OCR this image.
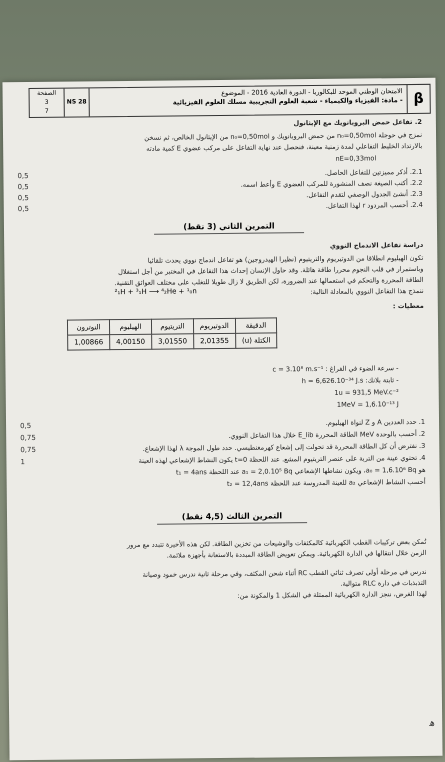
الصفحة
3
7
NS 28
الامتحان الوطني الموحد للبكالوريا - الدورة العادية 2016 - الموضوع
- مادة: الفيزياء والكيمياء - شعبة العلوم التجريبية مسلك العلوم الفيزيائية β
2. تفاعل حمض البروبانويك مع الإيثانول
نمزج في حوجلة n₀=0,50mol من حمض البروبانويك و n₀=0,50mol من الإيثانول الخالص، ثم نسخن
بالارتداد الخليط التفاعلي لمدة زمنية معينة، فنحصل عند نهاية التفاعل على مركب عضوي E كمية مادته
nE=0,33mol
0,5	2.1. أذكر مميزتين للتفاعل الحاصل.
0,5	2.2. أكتب الصيغة نصف المنشورة للمركب العضوي E وأعط اسمه.
0,5	2.3. أنشئ الجدول الوصفي لتقدم التفاعل.
0,5	2.4. أحسب المردود r لهذا التفاعل.
التمرين الثاني (3 نقط)
دراسة تفاعل الاندماج النووي
تكون الهيليوم انطلاقا من الدوتيريوم والتريتيوم (نظيرا الهيدروجين) هو تفاعل اندماج نووي يحدث تلقائيا
وباستمرار في قلب النجوم محررا طاقة هائلة. وقد حاول الإنسان إحداث هذا التفاعل في المختبر من أجل استغلال
الطاقة المحررة والتحكم في استعمالها عند الضرورة، لكن الطريق لا زال طويلا للتغلب على مختلف العوائق التقنية.
ننمذج هذا التفاعل النووي بالمعادلة التالية:
²₁H + ³₁H ⟶ ⁴₂He + ¹₀n
معطيات :
الدقيقة	الدوتيريوم	التريتيوم	الهيليوم	النوترون
الكتلة (u)	2,01355	3,01550	4,00150	1,00866
- سرعة الضوء في الفراغ : c = 3.10⁸ m.s⁻¹
- ثابتة بلانك: h = 6,626.10⁻³⁴ J.s
1u = 931,5 MeV.c⁻²
1MeV = 1,6.10⁻¹³ J
0,5	1. حدد العددين A و Z لنواة الهيليوم.
0,75	2. أحسب بالوحدة MeV الطاقة المحررة E_lib خلال هذا التفاعل النووي.
0,75	3. نفترض أن كل الطاقة المحررة قد تحولت إلى إشعاع كهرمغنطيسي. حدد طول الموجة λ لهذا الإشعاع.
1	4. تحتوي عينة من التربة على عنصر التريتيوم المشع. عند اللحظة t=0 يكون النشاط الإشعاعي لهذه العينة
هو a₀ = 1,6.10⁶ Bq، ويكون نشاطها الإشعاعي a₁ = 2,0.10⁵ Bq عند اللحظة t₁ = 4ans
أحسب النشاط الإشعاعي a₂ للعينة المدروسة عند اللحظة t₂ = 12,4ans
التمرين الثالث (4,5 نقط)
تُمكن بعض تركيبات القطب الكهربائية كالمكثفات والوشيعات من تخزين الطاقة. لكن هذه الأخيرة تتبدد مع مرور
الزمن خلال انتقالها في الدارة الكهربائية. ويمكن تعويض الطاقة المبددة بالاستعانة بأجهزة ملائمة.
ندرس في مرحلة أولى تصرف ثنائي القطب RC أثناء شحن المكثف، وفي مرحلة ثانية ندرس خمود وصيانة
التذبذبات في دارة RLC متوالية.
لهذا الغرض، ننجز الدارة الكهربائية الممثلة في الشكل 1 والمكونة من:
ﻫ
